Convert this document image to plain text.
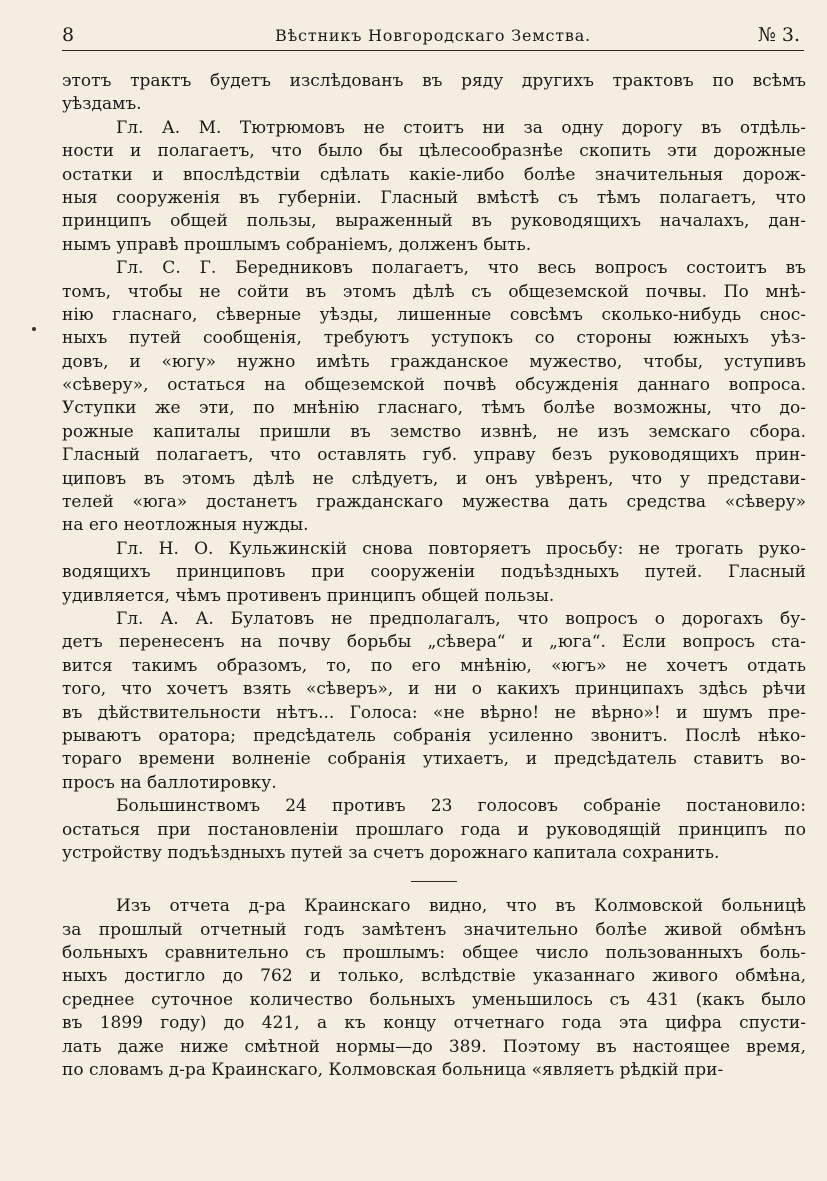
8	Вѣстникъ Новгородскаго Земства.	№ 3.
этотъ трактъ будетъ изслѣдованъ въ ряду другихъ трактовъ по всѣмъ
уѣздамъ.
Гл. А. М. Тютрюмовъ не стоитъ ни за одну дорогу въ отдѣль-
ности и полагаетъ, что было бы цѣлесообразнѣе скопить эти дорожные
остатки и впослѣдствіи сдѣлать какіе-либо болѣе значительныя дорож-
ныя сооруженія въ губерніи. Гласный вмѣстѣ съ тѣмъ полагаетъ, что
принципъ общей пользы, выраженный въ руководящихъ началахъ, дан-
нымъ управѣ прошлымъ собраніемъ, долженъ быть.
Гл. С. Г. Бередниковъ полагаетъ, что весь вопросъ состоитъ въ
томъ, чтобы не сойти въ этомъ дѣлѣ съ общеземской почвы. По мнѣ-
нію гласнаго, сѣверные уѣзды, лишенные совсѣмъ сколько-нибудь снос-
ныхъ путей сообщенія, требуютъ уступокъ со стороны южныхъ уѣз-
довъ, и «югу» нужно имѣть гражданское мужество, чтобы, уступивъ
«сѣверу», остаться на общеземской почвѣ обсужденія даннаго вопроса.
Уступки же эти, по мнѣнію гласнаго, тѣмъ болѣе возможны, что до-
рожные капиталы пришли въ земство извнѣ, не изъ земскаго сбора.
Гласный полагаетъ, что оставлять губ. управу безъ руководящихъ прин-
циповъ въ этомъ дѣлѣ не слѣдуетъ, и онъ увѣренъ, что у представи-
телей «юга» достанетъ гражданскаго мужества дать средства «сѣверу»
на его неотложныя нужды.
Гл. Н. О. Кульжинскій снова повторяетъ просьбу: не трогать руко-
водящихъ принциповъ при сооруженіи подъѣздныхъ путей. Гласный
удивляется, чѣмъ противенъ принципъ общей пользы.
Гл. А. А. Булатовъ не предполагалъ, что вопросъ о дорогахъ бу-
детъ перенесенъ на почву борьбы „сѣвера“ и „юга“. Если вопросъ ста-
вится такимъ образомъ, то, по его мнѣнію, «югъ» не хочетъ отдать
того, что хочетъ взять «сѣверъ», и ни о какихъ принципахъ здѣсь рѣчи
въ дѣйствительности нѣтъ... Голоса: «не вѣрно! не вѣрно»! и шумъ пре-
рываютъ оратора; предсѣдатель собранія усиленно звонитъ. Послѣ нѣко-
тораго времени волненіе собранія утихаетъ, и предсѣдатель ставитъ во-
просъ на баллотировку.
Большинствомъ 24 противъ 23 голосовъ собраніе постановило:
остаться при постановленіи прошлаго года и руководящій принципъ по
устройству подъѣздныхъ путей за счетъ дорожнаго капитала сохранить.
Изъ отчета д-ра Краинскаго видно, что въ Колмовской больницѣ
за прошлый отчетный годъ замѣтенъ значительно болѣе живой обмѣнъ
больныхъ сравнительно съ прошлымъ: общее число пользованныхъ боль-
ныхъ достигло до 762 и только, вслѣдствіе указаннаго живого обмѣна,
среднее суточное количество больныхъ уменьшилось съ 431 (какъ было
въ 1899 году) до 421, а къ концу отчетнаго года эта цифра спусти-
лать даже ниже смѣтной нормы—до 389. Поэтому въ настоящее время,
по словамъ д-ра Краинскаго, Колмовская больница «являетъ рѣдкій при-
